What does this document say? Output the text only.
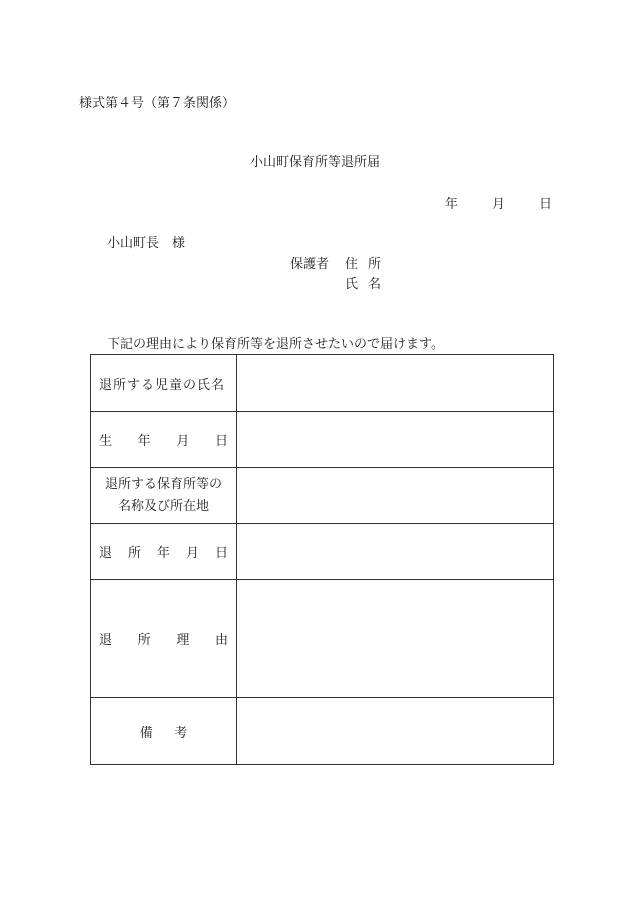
様式第４号（第７条関係）
小山町保育所等退所届
年	月	日
小山町長　様
保護者 住所
氏名
下記の理由により保育所等を退所させたいので届けます。
退所する児童の氏名	

生 年 月 日	

退所する保育所等の
名称及び所在地	

退 所 年 月 日	

退 所 理 由	

備 考	
